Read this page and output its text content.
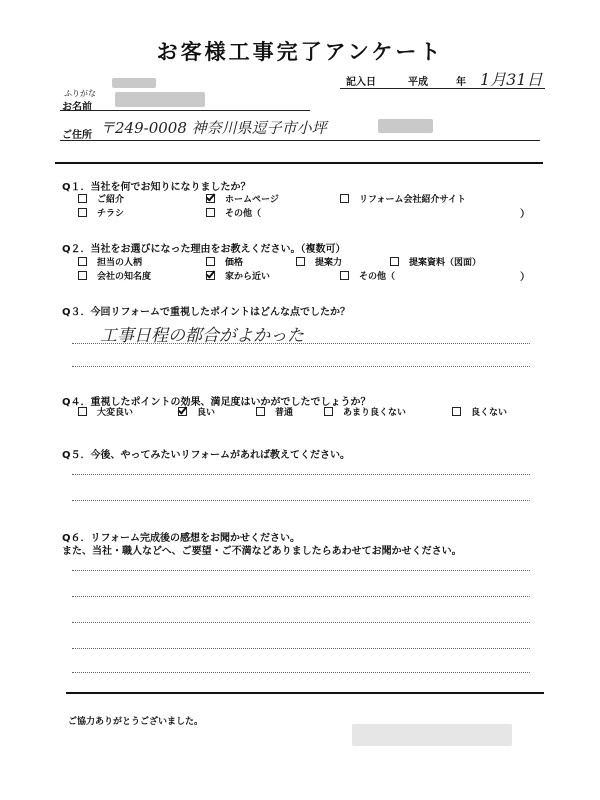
お客様工事完了アンケート
記入日	平成	年 1月31日
ふりがな
お名前
ご住所 〒249-0008 神奈川県逗子市小坪
Q１．当社を何でお知りになりましたか？
ご紹介	ホームページ	リフォーム会社紹介サイト
チラシ	その他（	）
Q２．当社をお選びになった理由をお教えください。（複数可）
担当の人柄	価格	提案力	提案資料（図面）
会社の知名度	家から近い	その他（	）
Q３．今回リフォームで重視したポイントはどんな点でしたか？
工事日程の都合がよかった
Q４．重視したポイントの効果、満足度はいかがでしたでしょうか？
大変良い	良い	普通	あまり良くない	良くない
Q５．今後、やってみたいリフォームがあれば教えてください。
Q６．リフォーム完成後の感想をお聞かせください。
また、当社・職人などへ、ご要望・ご不満などありましたらあわせてお聞かせください。
ご協力ありがとうございました。
